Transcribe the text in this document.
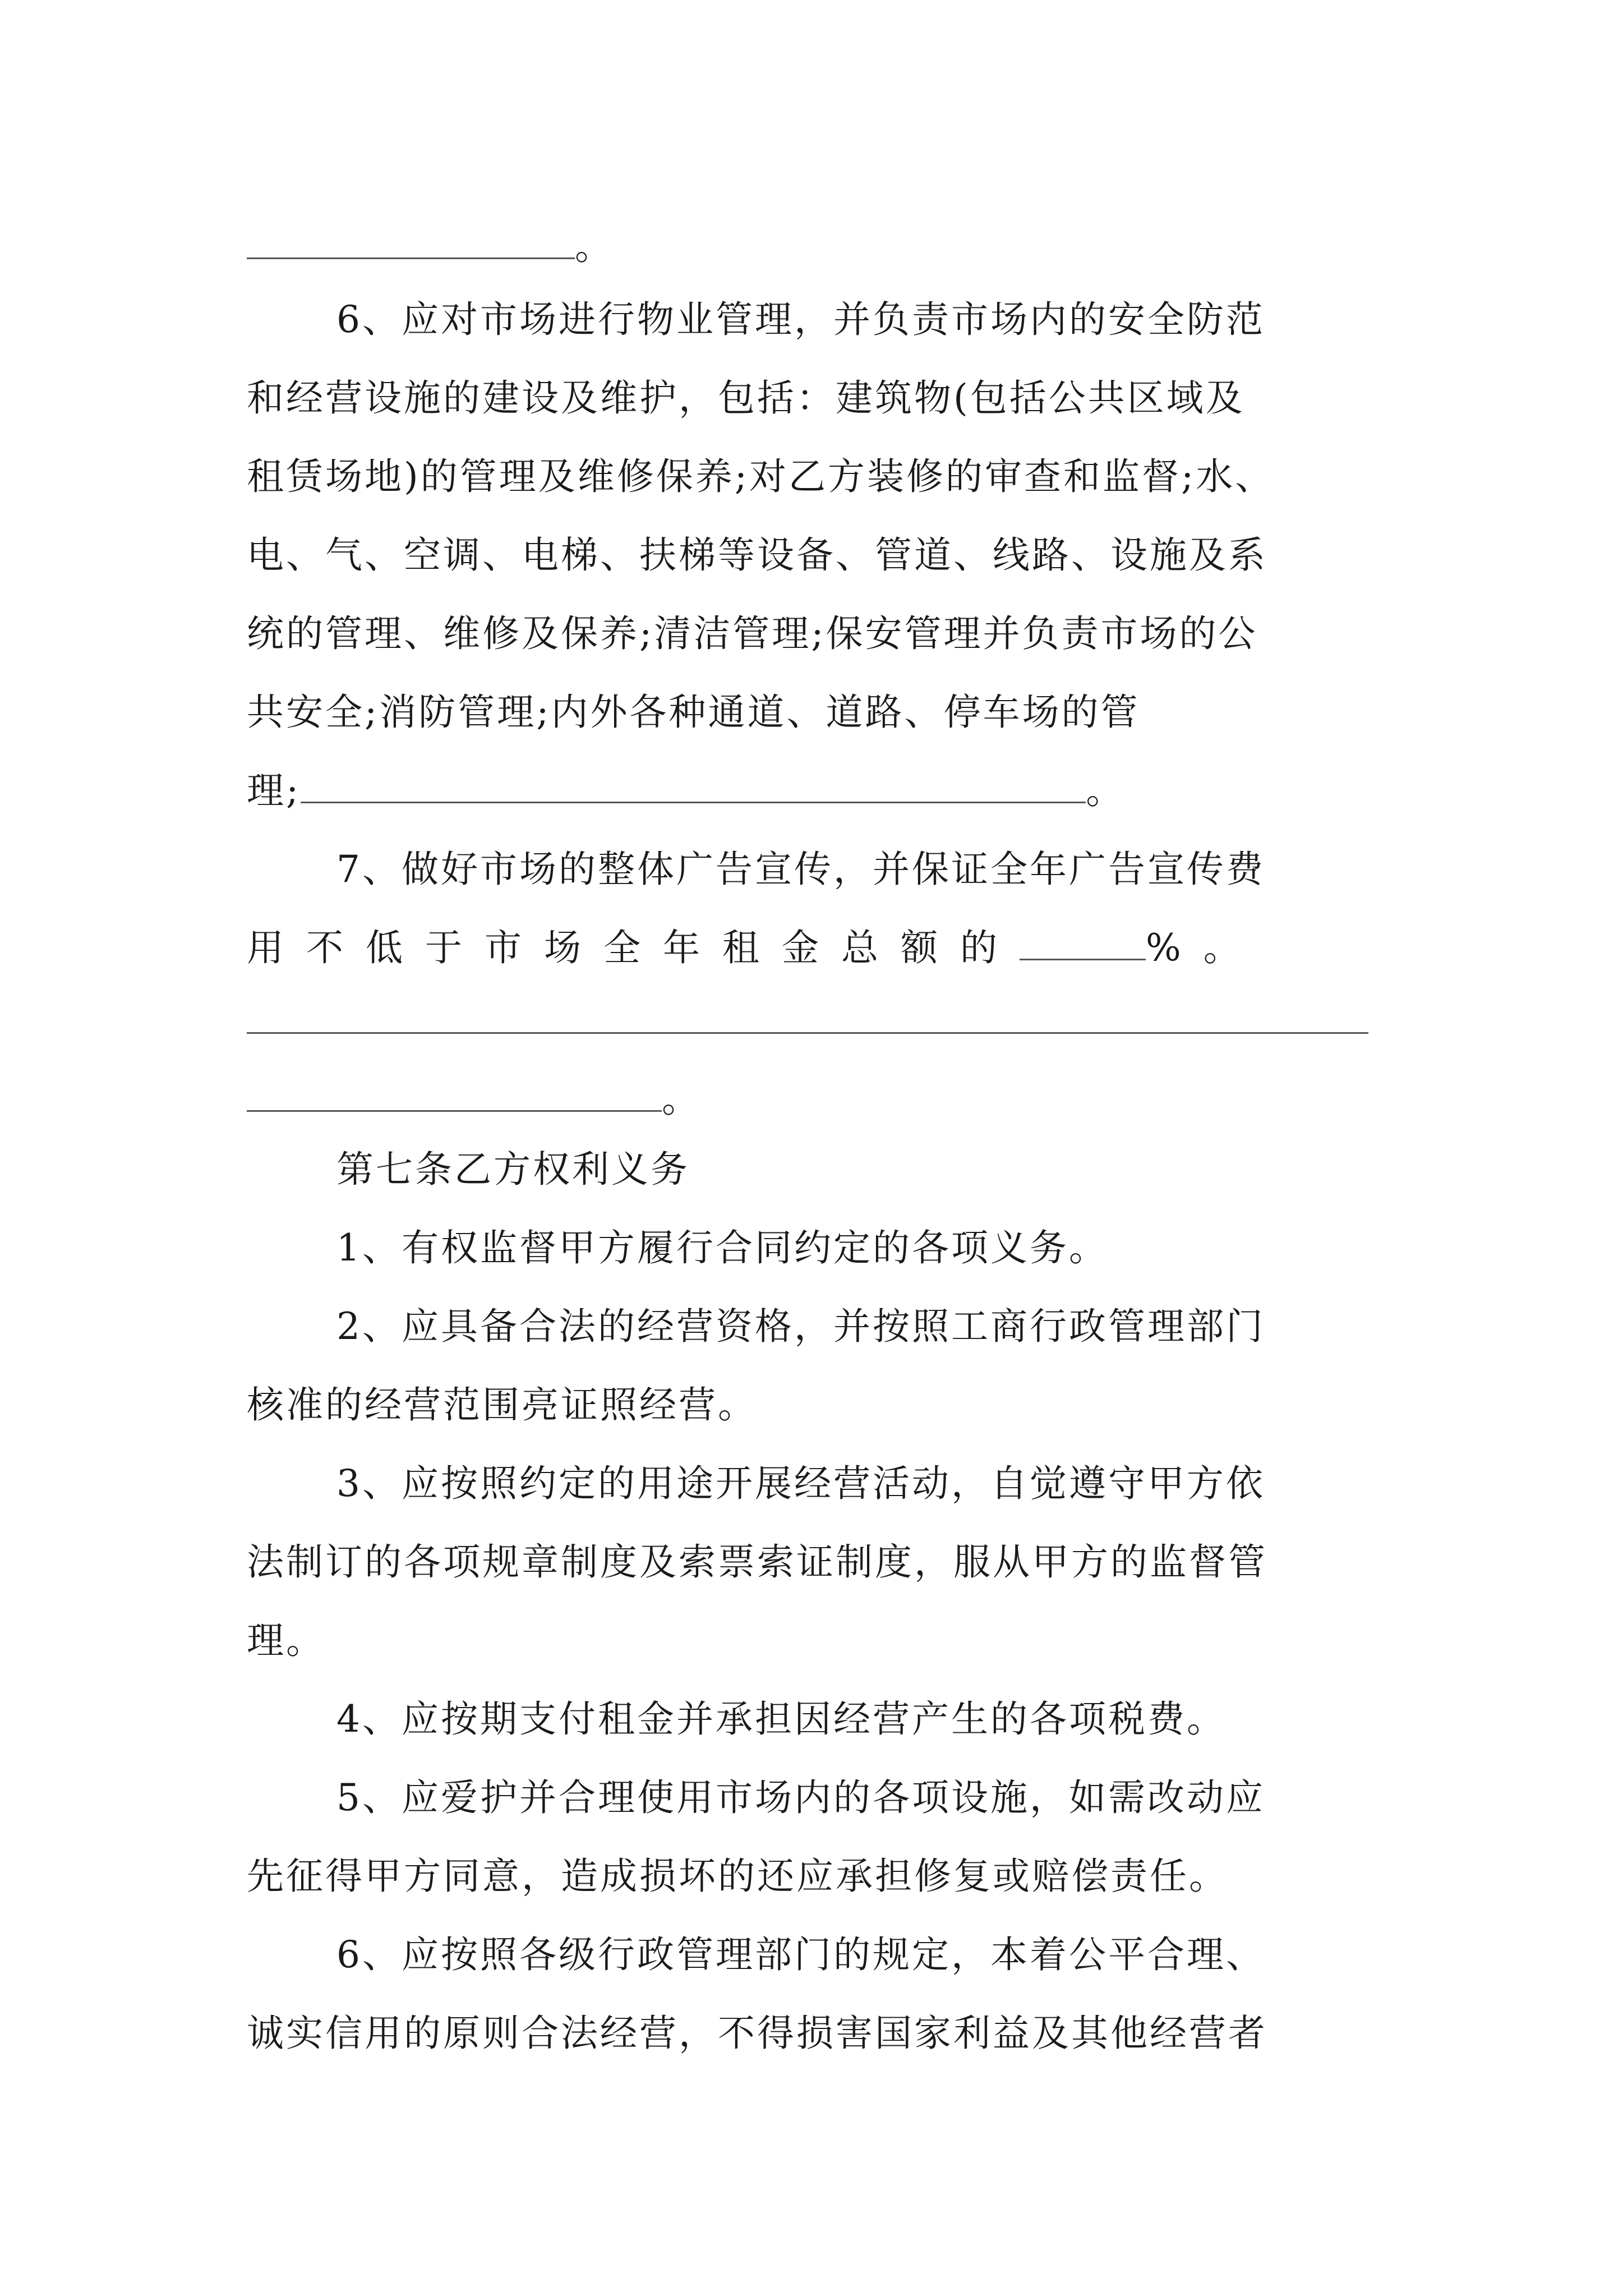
。
6、应对市场进行物业管理，并负责市场内的安全防范
和经营设施的建设及维护，包括：建筑物(包括公共区域及
租赁场地)的管理及维修保养;对乙方装修的审查和监督;水、
电、气、空调、电梯、扶梯等设备、管道、线路、设施及系
统的管理、维修及保养;清洁管理;保安管理并负责市场的公
共安全;消防管理;内外各种通道、道路、停车场的管
理;	。
7、做好市场的整体广告宣传，并保证全年广告宣传费
用不低于市场全年租金总额的	%。
。
第七条乙方权利义务
1、有权监督甲方履行合同约定的各项义务。
2、应具备合法的经营资格，并按照工商行政管理部门
核准的经营范围亮证照经营。
3、应按照约定的用途开展经营活动，自觉遵守甲方依
法制订的各项规章制度及索票索证制度，服从甲方的监督管
理。
4、应按期支付租金并承担因经营产生的各项税费。
5、应爱护并合理使用市场内的各项设施，如需改动应
先征得甲方同意，造成损坏的还应承担修复或赔偿责任。
6、应按照各级行政管理部门的规定，本着公平合理、
诚实信用的原则合法经营，不得损害国家利益及其他经营者
